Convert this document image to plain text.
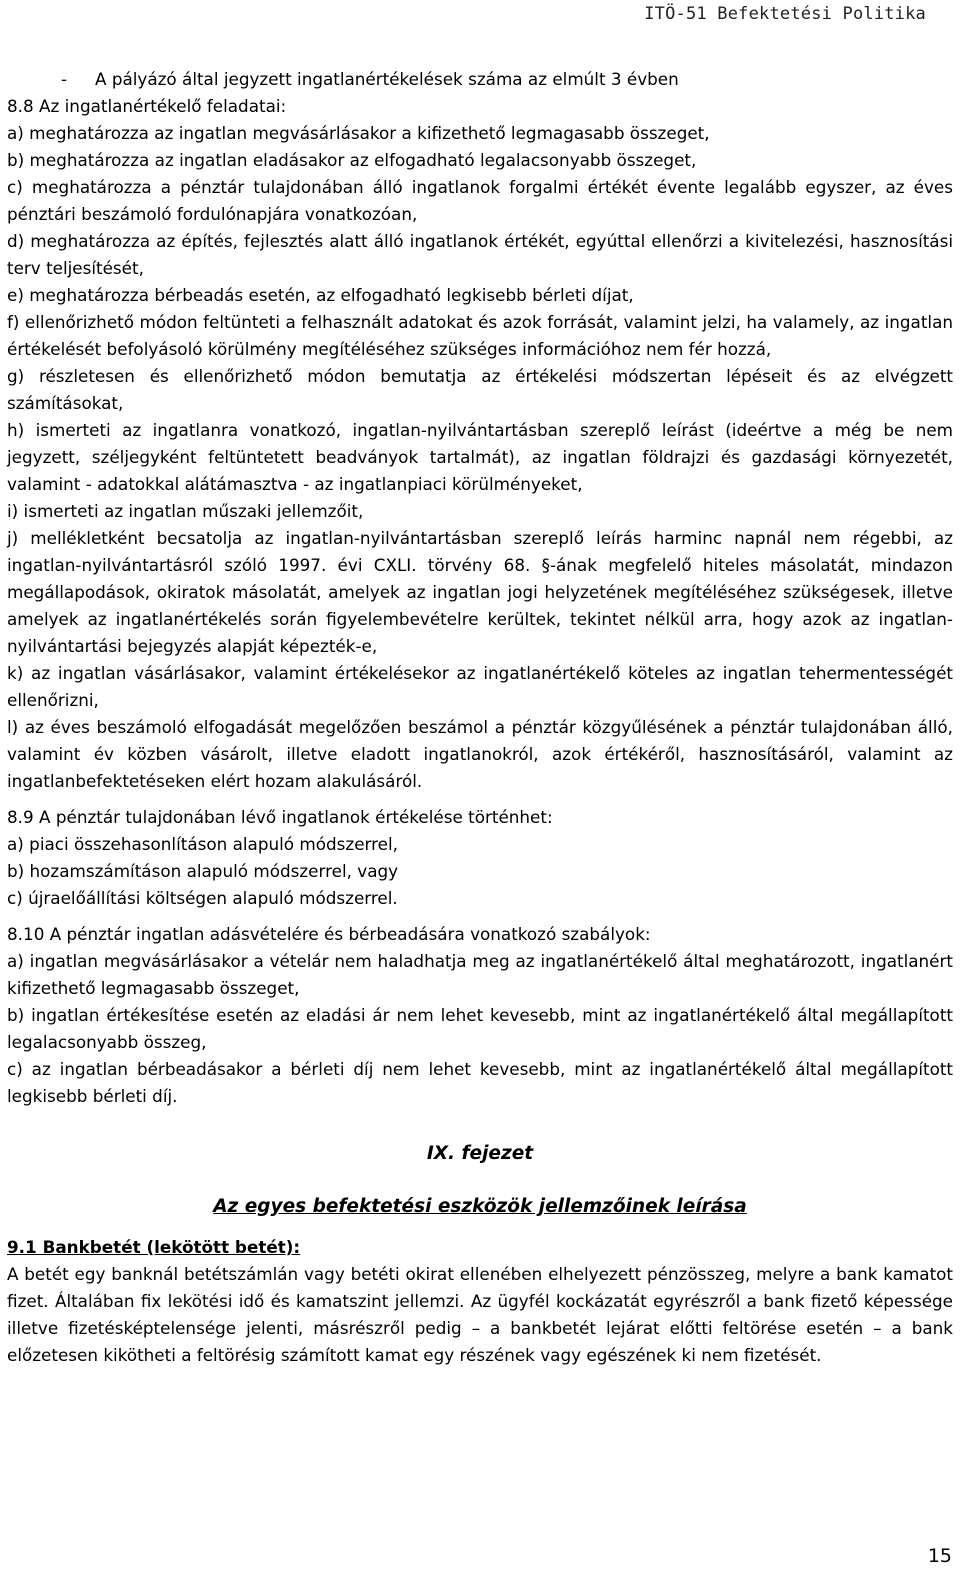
ITÖ-51 Befektetési Politika

- A pályázó által jegyzett ingatlanértékelések száma az elmúlt 3 évben

8.8 Az ingatlanértékelő feladatai:

a) meghatározza az ingatlan megvásárlásakor a kifizethető legmagasabb összeget,

b) meghatározza az ingatlan eladásakor az elfogadható legalacsonyabb összeget,

c) meghatározza a pénztár tulajdonában álló ingatlanok forgalmi értékét évente legalább egyszer, az éves pénztári beszámoló fordulónapjára vonatkozóan,

d) meghatározza az építés, fejlesztés alatt álló ingatlanok értékét, egyúttal ellenőrzi a kivitelezési, hasznosítási terv teljesítését,

e) meghatározza bérbeadás esetén, az elfogadható legkisebb bérleti díjat,

f) ellenőrizhető módon feltünteti a felhasznált adatokat és azok forrását, valamint jelzi, ha valamely, az ingatlan értékelését befolyásoló körülmény megítéléséhez szükséges információhoz nem fér hozzá,

g) részletesen és ellenőrizhető módon bemutatja az értékelési módszertan lépéseit és az elvégzett számításokat,

h) ismerteti az ingatlanra vonatkozó, ingatlan-nyilvántartásban szereplő leírást (ideértve a még be nem jegyzett, széljegyként feltüntetett beadványok tartalmát), az ingatlan földrajzi és gazdasági környezetét, valamint - adatokkal alátámasztva - az ingatlanpiaci körülményeket,

i) ismerteti az ingatlan műszaki jellemzőit,

j) mellékletként becsatolja az ingatlan-nyilvántartásban szereplő leírás harminc napnál nem régebbi, az ingatlan-nyilvántartásról szóló 1997. évi CXLI. törvény 68. §-ának megfelelő hiteles másolatát, mindazon megállapodások, okiratok másolatát, amelyek az ingatlan jogi helyzetének megítéléséhez szükségesek, illetve amelyek az ingatlanértékelés során figyelembevételre kerültek, tekintet nélkül arra, hogy azok az ingatlan-nyilvántartási bejegyzés alapját képezték-e,

k) az ingatlan vásárlásakor, valamint értékelésekor az ingatlanértékelő köteles az ingatlan tehermentességét ellenőrizni,

l) az éves beszámoló elfogadását megelőzően beszámol a pénztár közgyűlésének a pénztár tulajdonában álló, valamint év közben vásárolt, illetve eladott ingatlanokról, azok értékéről, hasznosításáról, valamint az ingatlanbefektetéseken elért hozam alakulásáról.

8.9 A pénztár tulajdonában lévő ingatlanok értékelése történhet:

a) piaci összehasonlításon alapuló módszerrel,

b) hozamszámításon alapuló módszerrel, vagy

c) újraelőállítási költségen alapuló módszerrel.

8.10 A pénztár ingatlan adásvételére és bérbeadására vonatkozó szabályok:

a) ingatlan megvásárlásakor a vételár nem haladhatja meg az ingatlanértékelő által meghatározott, ingatlanért kifizethető legmagasabb összeget,

b) ingatlan értékesítése esetén az eladási ár nem lehet kevesebb, mint az ingatlanértékelő által megállapított legalacsonyabb összeg,

c) az ingatlan bérbeadásakor a bérleti díj nem lehet kevesebb, mint az ingatlanértékelő által megállapított legkisebb bérleti díj.

IX. fejezet

Az egyes befektetési eszközök jellemzőinek leírása

9.1 Bankbetét (lekötött betét):

A betét egy banknál betétszámlán vagy betéti okirat ellenében elhelyezett pénzösszeg, melyre a bank kamatot fizet. Általában fix lekötési idő és kamatszint jellemzi. Az ügyfél kockázatát egyrészről a bank fizető képessége illetve fizetésképtelensége jelenti, másrészről pedig – a bankbetét lejárat előtti feltörése esetén – a bank előzetesen kikötheti a feltörésig számított kamat egy részének vagy egészének ki nem fizetését.

15
